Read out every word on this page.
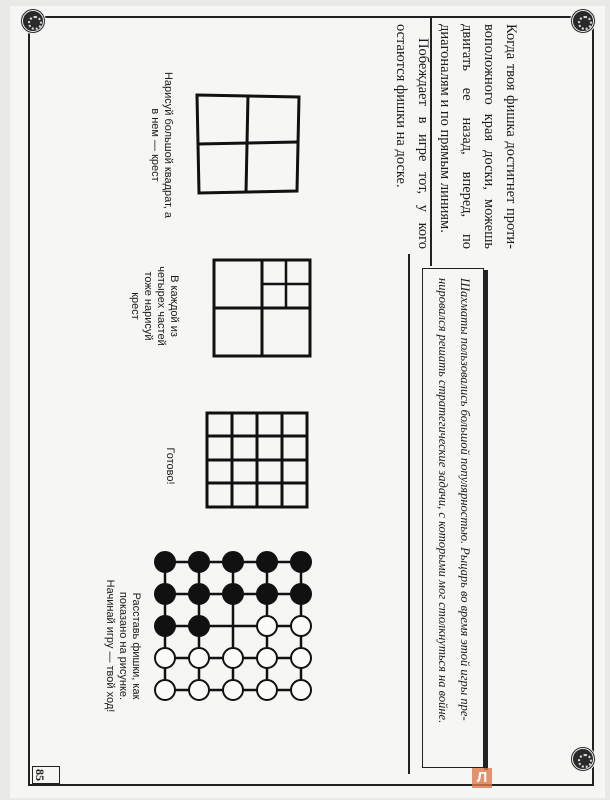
Когда твоя фишка достигнет противоположного края доски, можешь двигать ее назад, вперед, по диагоналям и по прямым линиям.

Побеждает в игре тот, у кого остаются фишки на доске.

Шахматы пользовались большой популярностью. Рыцарь во время этой игры пренировался решать стратегические задачи, с которыми мог столкнуться на войне.
Нарисуй большой квадрат, а в нем — крест
В каждой из четырех частей тоже нарисуй крест
Готово!
Расставь фишки, как показано на рисунке. Начинай игру — твой ход!
85	Л
